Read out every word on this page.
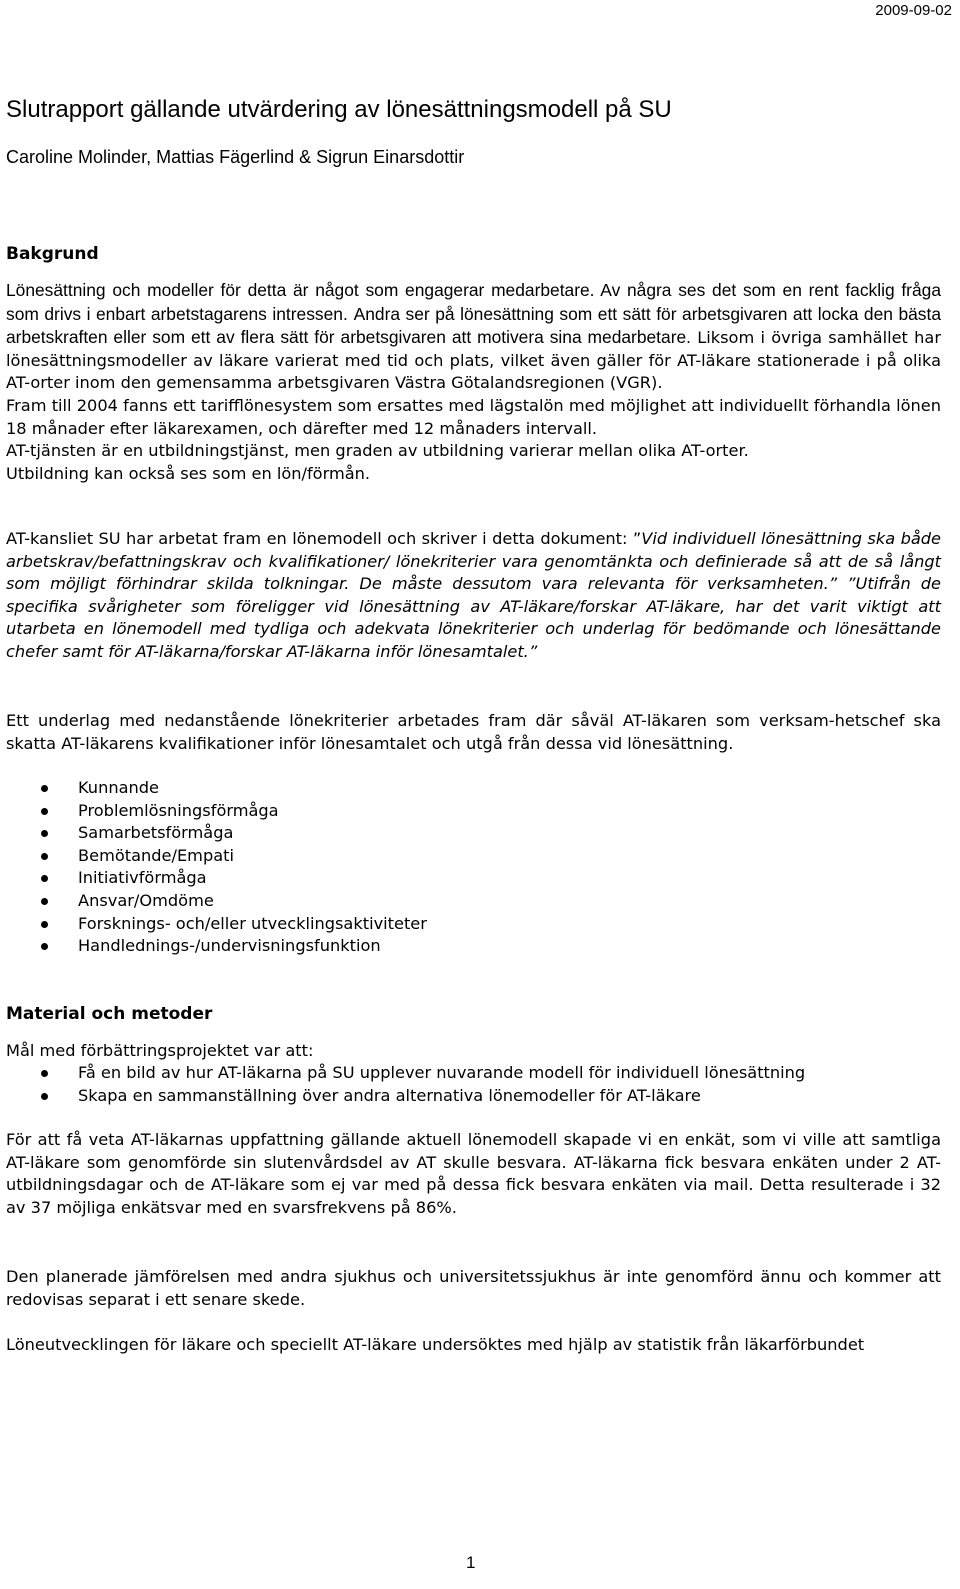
2009-09-02
Slutrapport gällande utvärdering av lönesättningsmodell på SU
Caroline Molinder, Mattias Fägerlind & Sigrun Einarsdottir
Bakgrund
Lönesättning och modeller för detta är något som engagerar medarbetare. Av några ses det som en rent facklig fråga som drivs i enbart arbetstagarens intressen. Andra ser på lönesättning som ett sätt för arbetsgivaren att locka den bästa arbetskraften eller som ett av flera sätt för arbetsgivaren att motivera sina medarbetare. Liksom i övriga samhället har lönesättningsmodeller av läkare varierat med tid och plats, vilket även gäller för AT-läkare stationerade i på olika AT-orter inom den gemensamma arbetsgivaren Västra Götalandsregionen (VGR).
Fram till 2004 fanns ett tarifflönesystem som ersattes med lägstalön med möjlighet att individuellt förhandla lönen 18 månader efter läkarexamen, och därefter med 12 månaders intervall.
AT-tjänsten är en utbildningstjänst, men graden av utbildning varierar mellan olika AT-orter.
Utbildning kan också ses som en lön/förmån.
AT-kansliet SU har arbetat fram en lönemodell och skriver i detta dokument: ”Vid individuell lönesättning ska både arbetskrav/befattningskrav och kvalifikationer/ lönekriterier vara genomtänkta och definierade så att de så långt som möjligt förhindrar skilda tolkningar. De måste dessutom vara relevanta för verksamheten.” ”Utifrån de specifika svårigheter som föreligger vid lönesättning av AT-läkare/forskar AT-läkare, har det varit viktigt att utarbeta en lönemodell med tydliga och adekvata lönekriterier och underlag för bedömande och lönesättande chefer samt för AT-läkarna/forskar AT-läkarna inför lönesamtalet.”
Ett underlag med nedanstående lönekriterier arbetades fram där såväl AT-läkaren som verksam-hetschef ska skatta AT-läkarens kvalifikationer inför lönesamtalet och utgå från dessa vid lönesättning.
Kunnande
Problemlösningsförmåga
Samarbetsförmåga
Bemötande/Empati
Initiativförmåga
Ansvar/Omdöme
Forsknings- och/eller utvecklingsaktiviteter
Handlednings-/undervisningsfunktion
Material och metoder
Mål med förbättringsprojektet var att:
Få en bild av hur AT-läkarna på SU upplever nuvarande modell för individuell lönesättning
Skapa en sammanställning över andra alternativa lönemodeller för AT-läkare
För att få veta AT-läkarnas uppfattning gällande aktuell lönemodell skapade vi en enkät, som vi ville att samtliga AT-läkare som genomförde sin slutenvårdsdel av AT skulle besvara. AT-läkarna fick besvara enkäten under 2 AT-utbildningsdagar och de AT-läkare som ej var med på dessa fick besvara enkäten via mail. Detta resulterade i 32 av 37 möjliga enkätsvar med en svarsfrekvens på 86%.
Den planerade jämförelsen med andra sjukhus och universitetssjukhus är inte genomförd ännu och kommer att redovisas separat i ett senare skede.
Löneutvecklingen för läkare och speciellt AT-läkare undersöktes med hjälp av statistik från läkarförbundet
1
